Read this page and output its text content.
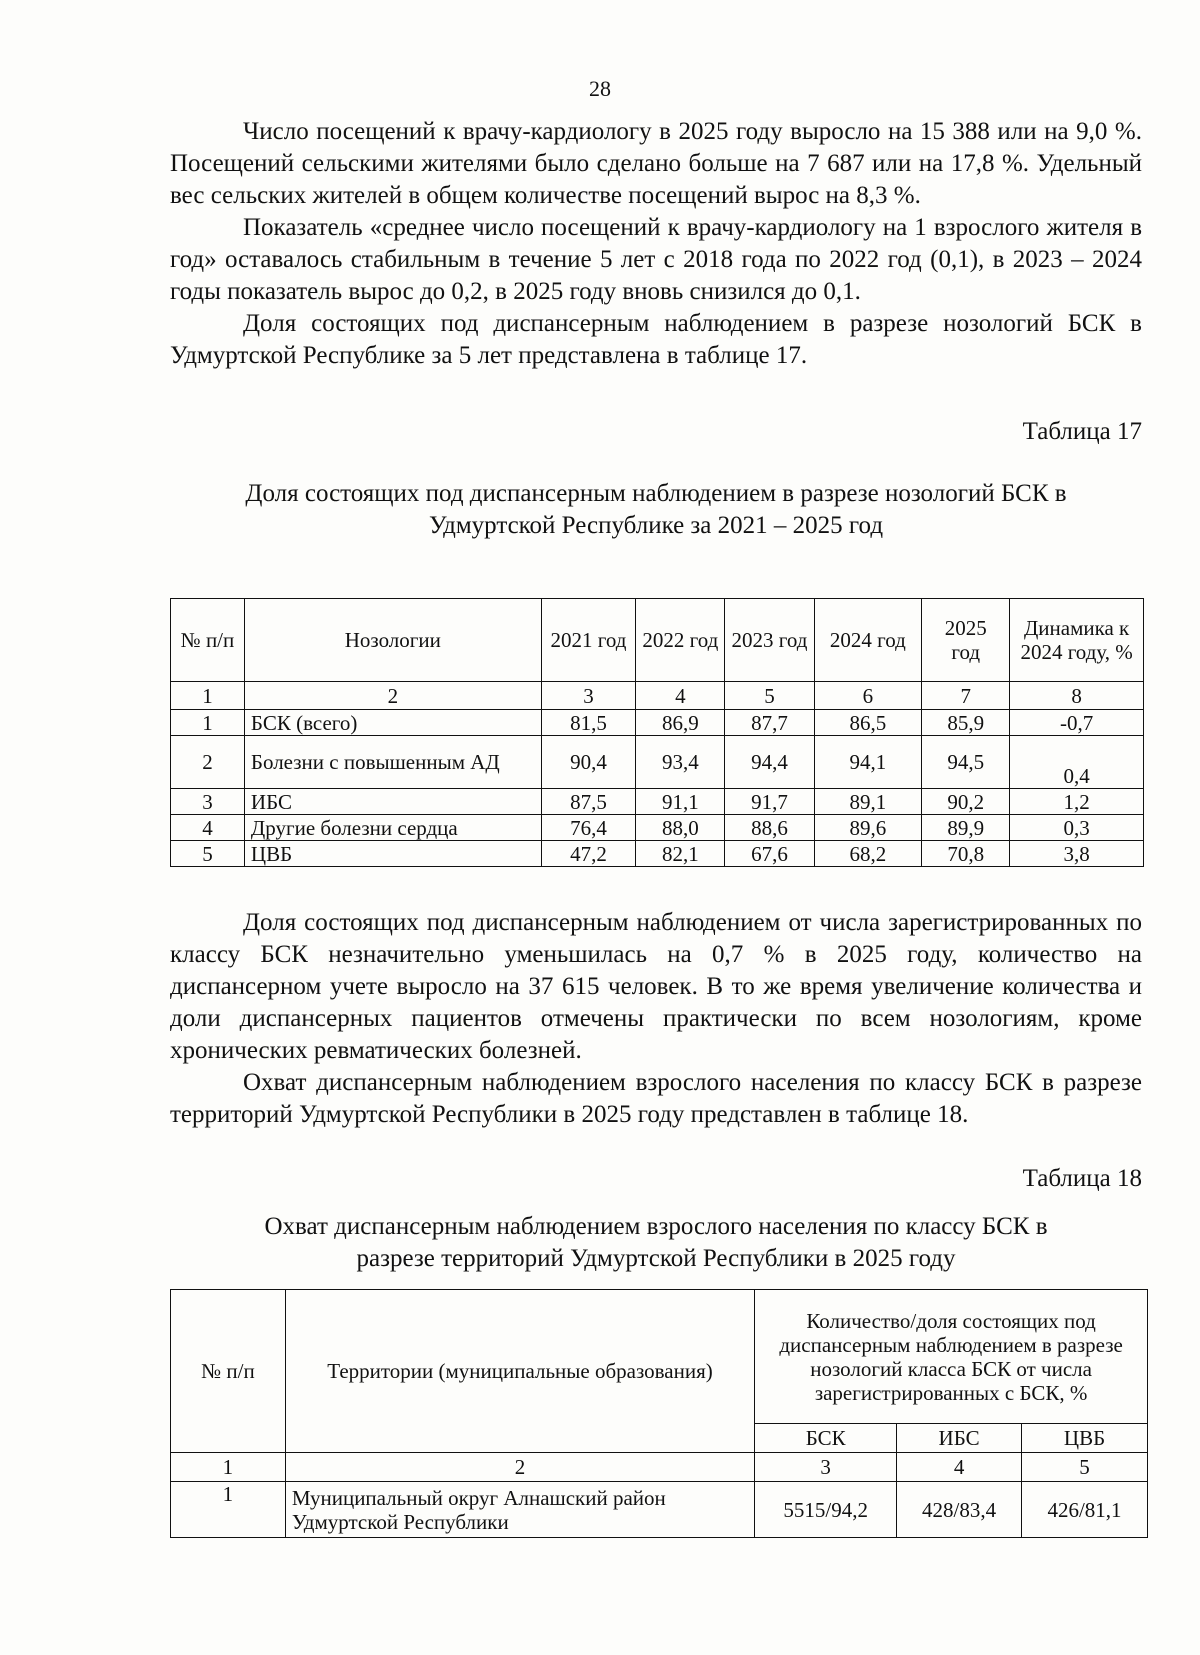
28

Число посещений к врачу-кардиологу в 2025 году выросло на 15 388 или на 9,0 %. Посещений сельскими жителями было сделано больше на 7 687 или на 17,8 %. Удельный вес сельских жителей в общем количестве посещений вырос на 8,3 %.

Показатель «среднее число посещений к врачу-кардиологу на 1 взрослого жителя в год» оставалось стабильным в течение 5 лет с 2018 года по 2022 год (0,1), в 2023 – 2024 годы показатель вырос до 0,2, в 2025 году вновь снизился до 0,1.

Доля состоящих под диспансерным наблюдением в разрезе нозологий БСК в Удмуртской Республике за 5 лет представлена в таблице 17.

Таблица 17
Доля состоящих под диспансерным наблюдением в разрезе нозологий БСК в
Удмуртской Республике за 2021 – 2025 год
№ п/п	Нозологии	2021 год	2022 год	2023 год	2024 год	2025 год	Динамика к 2024 году, %
1	2	3	4	5	6	7	8
1	БСК (всего)	81,5	86,9	87,7	86,5	85,9	-0,7
2	Болезни с повышенным АД	90,4	93,4	94,4	94,1	94,5	0,4
3	ИБС	87,5	91,1	91,7	89,1	90,2	1,2
4	Другие болезни сердца	76,4	88,0	88,6	89,6	89,9	0,3
5	ЦВБ	47,2	82,1	67,6	68,2	70,8	3,8

Доля состоящих под диспансерным наблюдением от числа зарегистрированных по классу БСК незначительно уменьшилась на 0,7 % в 2025 году, количество на диспансерном учете выросло на 37 615 человек. В то же время увеличение количества и доли диспансерных пациентов отмечены практически по всем нозологиям, кроме хронических ревматических болезней.

Охват диспансерным наблюдением взрослого населения по классу БСК в разрезе территорий Удмуртской Республики в 2025 году представлен в таблице 18.

Таблица 18
Охват диспансерным наблюдением взрослого населения по классу БСК в
разрезе территорий Удмуртской Республики в 2025 году
№ п/п	Территории (муниципальные образования)	Количество/доля состоящих под диспансерным наблюдением в разрезе нозологий класса БСК от числа зарегистрированных с БСК, %		
		БСК	ИБС	ЦВБ
1	2	3	4	5
1	Муниципальный округ Алнашский район Удмуртской Республики	5515/94,2	428/83,4	426/81,1
